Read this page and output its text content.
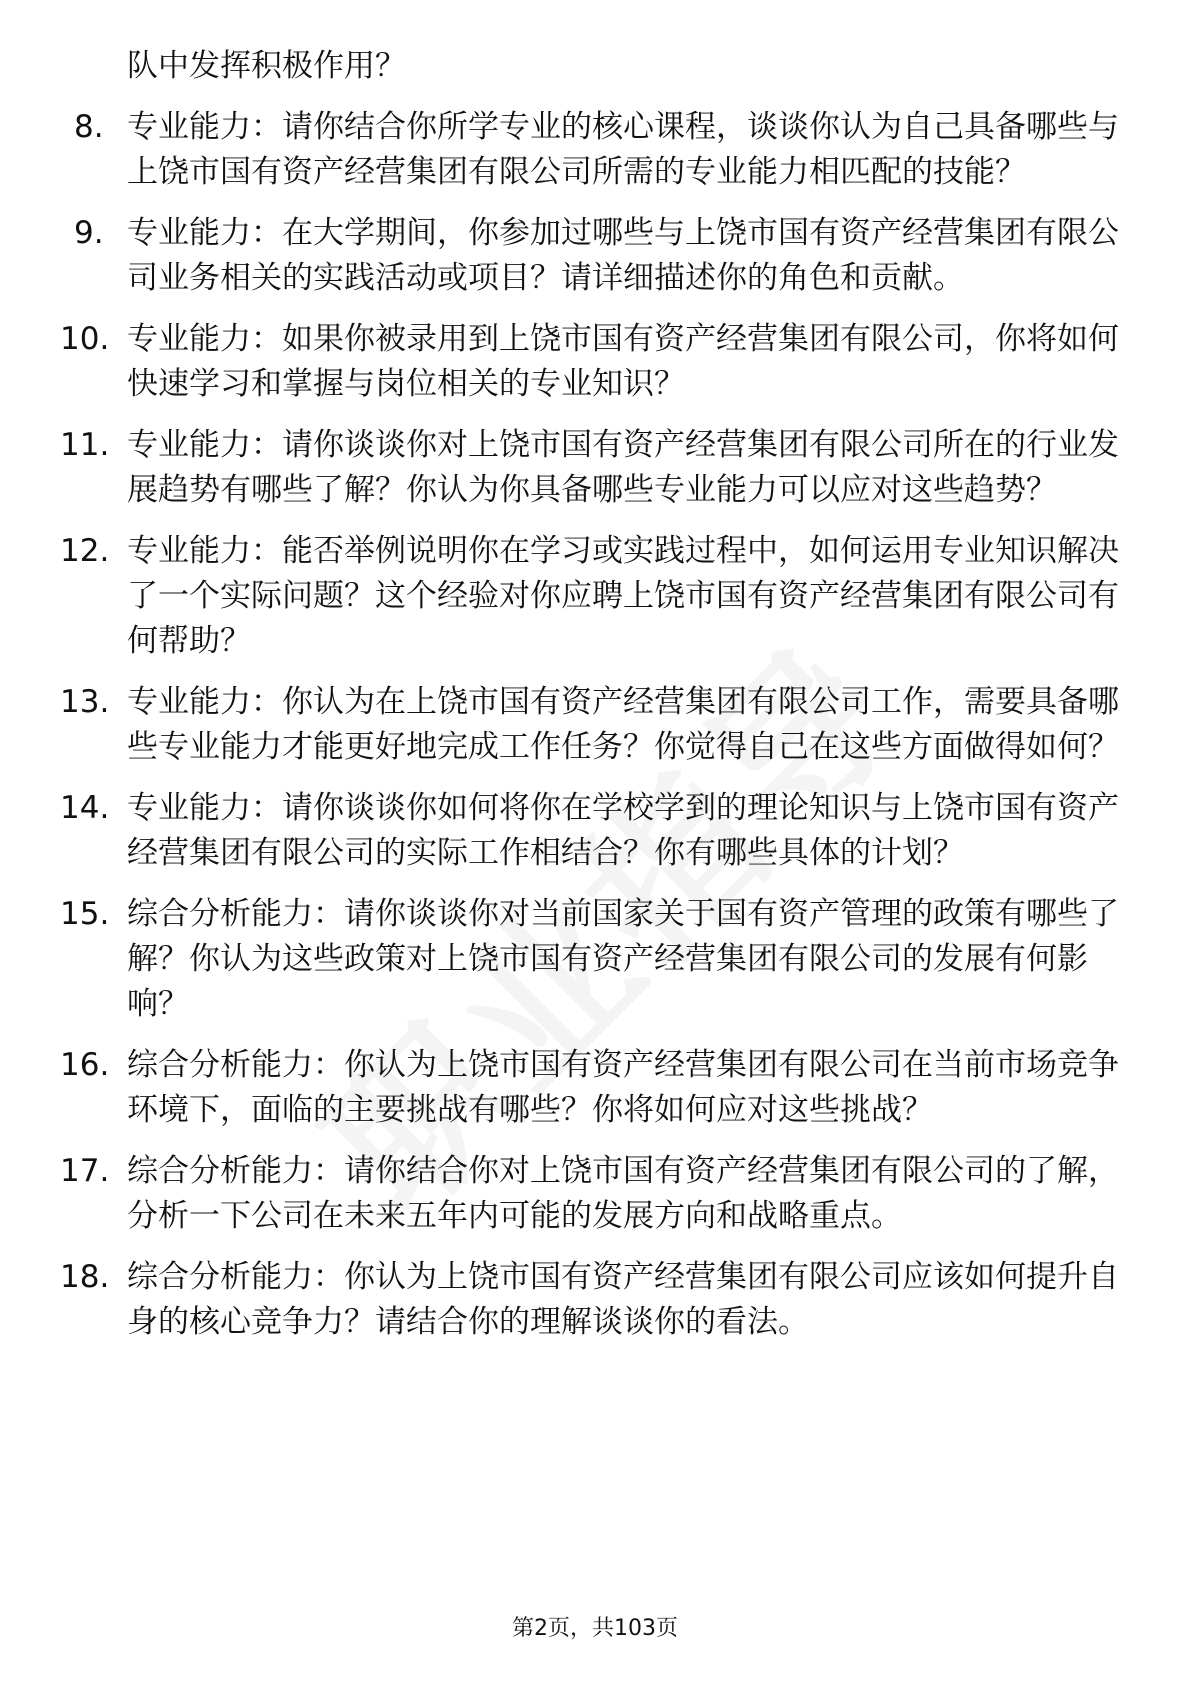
队中发挥积极作用？
8. 专业能力：请你结合你所学专业的核心课程，谈谈你认为自己具备哪些与上饶市国有资产经营集团有限公司所需的专业能力相匹配的技能？
9. 专业能力：在大学期间，你参加过哪些与上饶市国有资产经营集团有限公司业务相关的实践活动或项目？请详细描述你的角色和贡献。
10. 专业能力：如果你被录用到上饶市国有资产经营集团有限公司，你将如何快速学习和掌握与岗位相关的专业知识？
11. 专业能力：请你谈谈你对上饶市国有资产经营集团有限公司所在的行业发展趋势有哪些了解？你认为你具备哪些专业能力可以应对这些趋势？
12. 专业能力：能否举例说明你在学习或实践过程中，如何运用专业知识解决了一个实际问题？这个经验对你应聘上饶市国有资产经营集团有限公司有何帮助？
13. 专业能力：你认为在上饶市国有资产经营集团有限公司工作，需要具备哪些专业能力才能更好地完成工作任务？你觉得自己在这些方面做得如何？
14. 专业能力：请你谈谈你如何将你在学校学到的理论知识与上饶市国有资产经营集团有限公司的实际工作相结合？你有哪些具体的计划？
15. 综合分析能力：请你谈谈你对当前国家关于国有资产管理的政策有哪些了解？你认为这些政策对上饶市国有资产经营集团有限公司的发展有何影响？
16. 综合分析能力：你认为上饶市国有资产经营集团有限公司在当前市场竞争环境下，面临的主要挑战有哪些？你将如何应对这些挑战？
17. 综合分析能力：请你结合你对上饶市国有资产经营集团有限公司的了解，分析一下公司在未来五年内可能的发展方向和战略重点。
18. 综合分析能力：你认为上饶市国有资产经营集团有限公司应该如何提升自身的核心竞争力？请结合你的理解谈谈你的看法。
第2页，共103页
